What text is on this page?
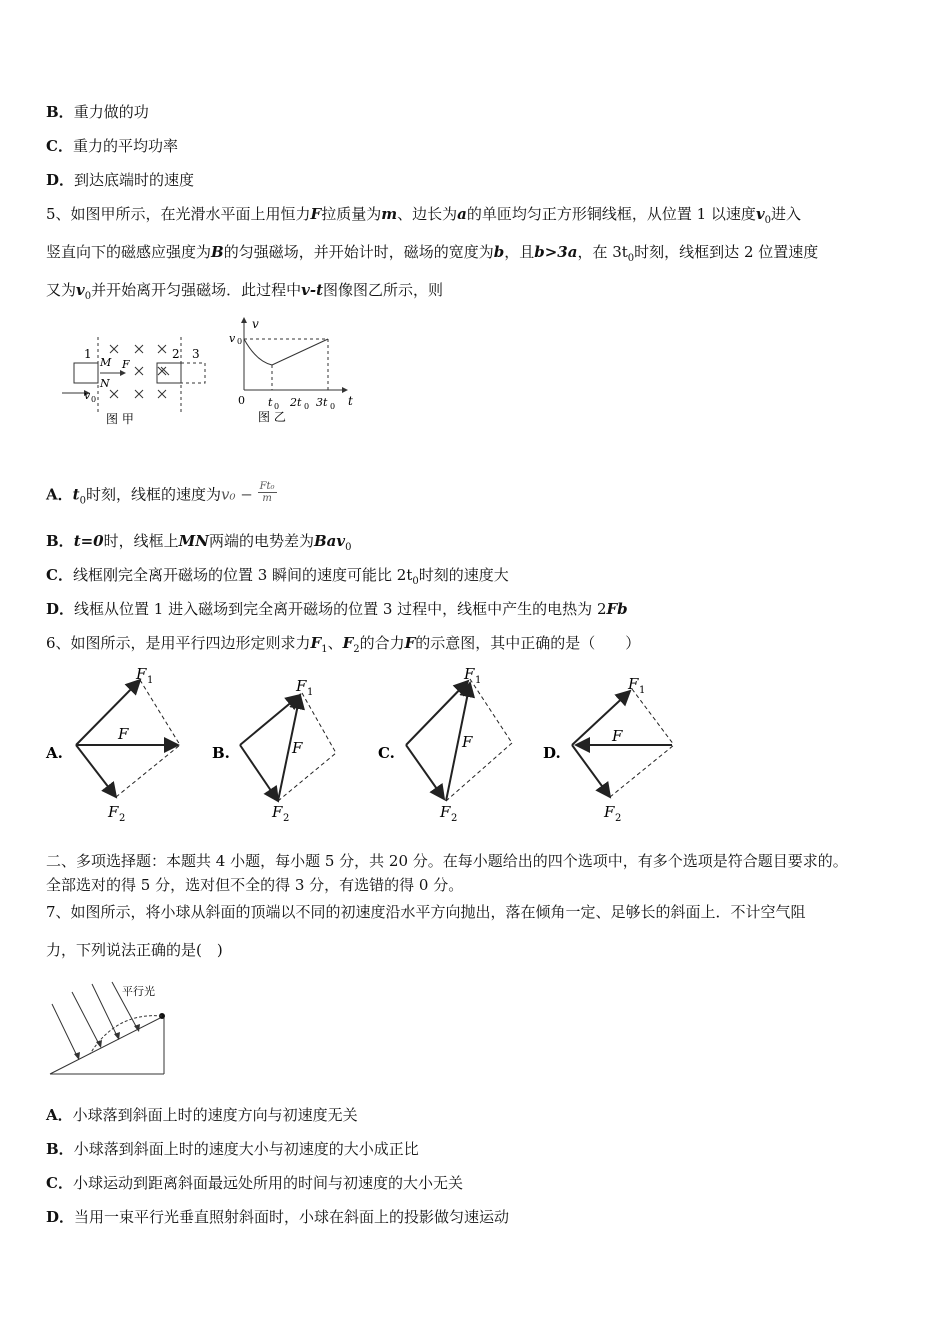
B．重力做的功
C．重力的平均功率
D．到达底端时的速度
5、如图甲所示，在光滑水平面上用恒力F拉质量为m、边长为a的单匝均匀正方形铜线框，从位置 1 以速度$v_0$进入
竖直向下的磁感应强度为B的匀强磁场，并开始计时，磁场的宽度为b，且b>3a，在 $3t_0$时刻，线框到达 2 位置速度
又为$v_0$并开始离开匀强磁场．此过程中v-t图像图乙所示，则
1	2 3
M
N
F
v 0
图 甲
v
v 0
0 t 0 2t 0 3t 0 t
图 乙
A．$t_0$时刻，线框的速度为$v_0 - \frac{\text{Ft₀}}{m}$
B．t=0时，线框上MN两端的电势差为Bav$_0$
C．线框刚完全离开磁场的位置 3 瞬间的速度可能比 $2t_0$时刻的速度大
D．线框从位置 1 进入磁场到完全离开磁场的位置 3 过程中，线框中产生的电热为 2Fb
6、如图所示，是用平行四边形定则求力$F_1$、$F_2$的合力F的示意图，其中正确的是（　　）
A.
F 1
F
F 2
B.
F 1
F
F 2
C.
F 1
F
F 2
D.
F 1
F
F 2
二、多项选择题：本题共 4 小题，每小题 5 分，共 20 分。在每小题给出的四个选项中，有多个选项是符合题目要求的。
全部选对的得 5 分，选对但不全的得 3 分，有选错的得 0 分。
7、如图所示，将小球从斜面的顶端以不同的初速度沿水平方向抛出，落在倾角一定、足够长的斜面上．不计空气阻
力，下列说法正确的是(　)
平行光
A．小球落到斜面上时的速度方向与初速度无关
B．小球落到斜面上时的速度大小与初速度的大小成正比
C．小球运动到距离斜面最远处所用的时间与初速度的大小无关
D．当用一束平行光垂直照射斜面时，小球在斜面上的投影做匀速运动
